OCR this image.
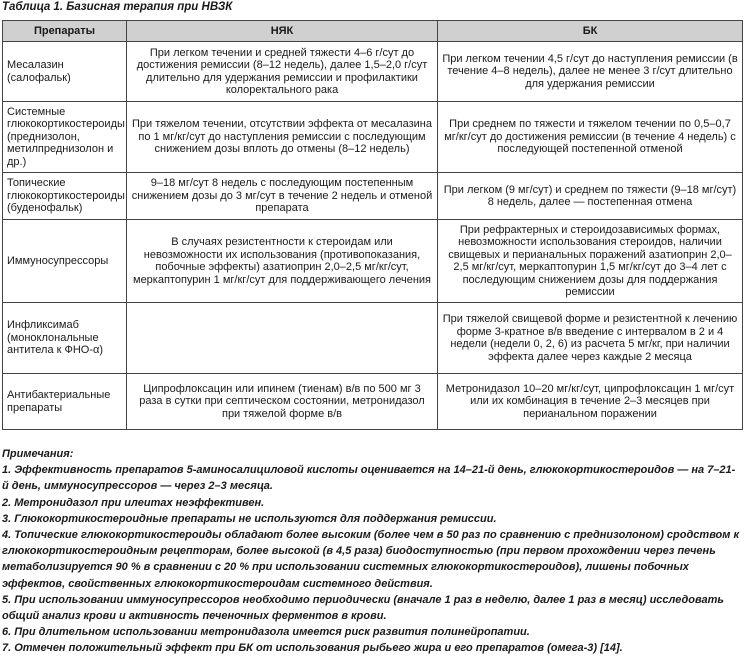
Таблица 1. Базисная терапия при НВЗК
Препараты	НЯК	БК
Месалазин (салофальк)	При легком течении и средней тяжести 4–6 г/сут до достижения ремиссии (8–12 недель), далее 1,5–2,0 г/сут длительно для удержания ремиссии и профилактики колоректального рака	При легком течении 4,5 г/сут до наступления ремиссии (в течение 4–8 недель), далее не менее 3 г/сут длительно для удержания ремиссии
Системные глюкокортикостероиды (преднизолон, метилпреднизолон и др.)	При тяжелом течении, отсутствии эффекта от месалазина по 1 мг/кг/сут до наступления ремиссии с последующим снижением дозы вплоть до отмены (8–12 недель)	При среднем по тяжести и тяжелом течении по 0,5–0,7 мг/кг/сут до достижения ремиссии (в течение 4 недель) с последующей постепенной отменой
Топические глюкокортикостероиды (буденофальк)	9–18 мг/сут 8 недель с последующим постепенным снижением дозы до 3 мг/сут в течение 2 недель и отменой препарата	При легком (9 мг/сут) и среднем по тяжести (9–18 мг/сут) 8 недель, далее — постепенная отмена
Иммуносупрессоры	В случаях резистентности к стероидам или невозможности их использования (противопоказания, побочные эффекты) азатиоприн 2,0–2,5 мг/кг/сут, меркаптопурин 1 мг/кг/сут для поддерживающего лечения	При рефрактерных и стероидозависимых формах, невозможности использования стероидов, наличии свищевых и перианальных поражений азатиоприн 2,0–2,5 мг/кг/сут, меркаптопурин 1,5 мг/кг/сут до 3–4 лет с последующим снижением дозы для поддержания ремиссии
Инфликсимаб (моноклональные антитела к ФНО-α)		При тяжелой свищевой форме и резистентной к лечению форме 3-кратное в/в введение с интервалом в 2 и 4 недели (недели 0, 2, 6) из расчета 5 мг/кг, при наличии эффекта далее через каждые 2 месяца
Антибактериальные препараты	Ципрофлоксацин или ипинем (тиенам) в/в по 500 мг 3 раза в сутки при септическом состоянии, метронидазол при тяжелой форме в/в	Метронидазол 10–20 мг/кг/сут, ципрофлоксацин 1 мг/сут или их комбинация в течение 2–3 месяцев при перианальном поражении

Примечания:

1. Эффективность препаратов 5-аминосалициловой кислоты оценивается на 14–21-й день, глюкокортикостероидов — на 7–21-й день, иммуносупрессоров — через 2–3 месяца.

2. Метронидазол при илеитах неэффективен.

3. Глюкокортикостероидные препараты не используются для поддержания ремиссии.

4. Топические глюкокортикостероиды обладают более высоким (более чем в 50 раз по сравнению с преднизолоном) сродством к глюкокортикостероидным рецепторам, более высокой (в 4,5 раза) биодоступностью (при первом прохождении через печень метаболизируется 90 % в сравнении с 20 % при использовании системных глюкокортикостероидов), лишены побочных эффектов, свойственных глюкокортикостероидам системного действия.

5. При использовании иммуносупрессоров необходимо периодически (вначале 1 раз в неделю, далее 1 раз в месяц) исследовать общий анализ крови и активность печеночных ферментов в крови.

6. При длительном использовании метронидазола имеется риск развития полинейропатии.

7. Отмечен положительный эффект при БК от использования рыбьего жира и его препаратов (омега-3) [14].
